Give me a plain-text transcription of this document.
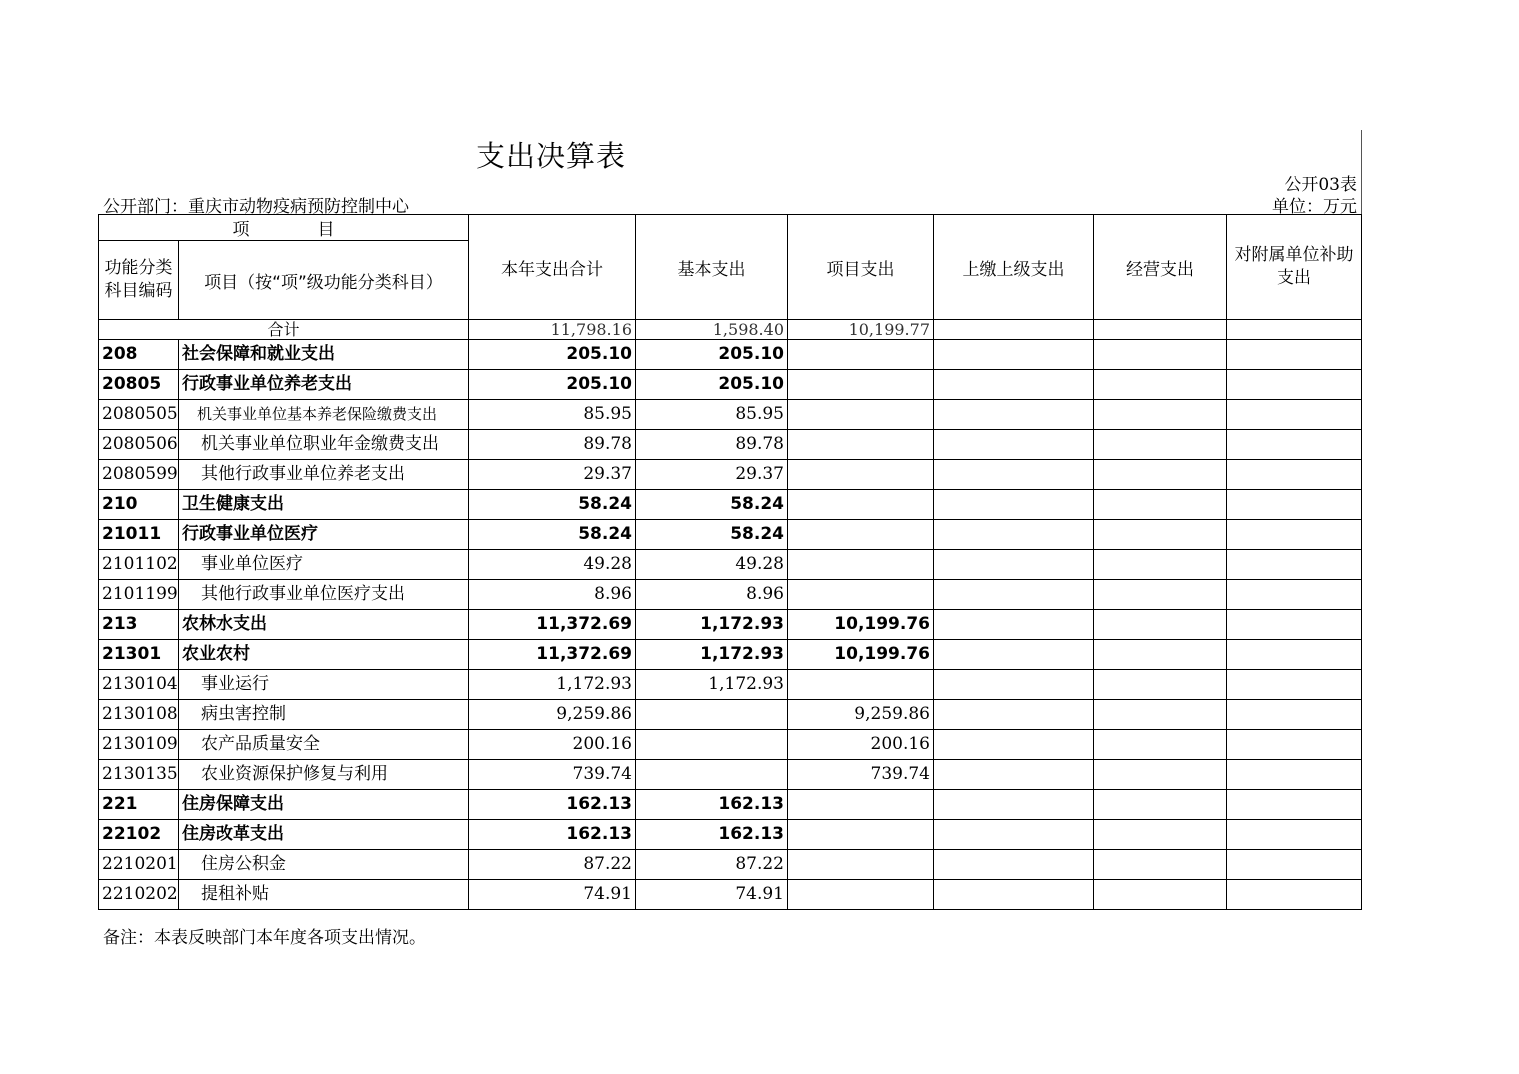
支出决算表
公开03表
公开部门：重庆市动物疫病预防控制中心	单位：万元
项　　　　目		本年支出合计	基本支出	项目支出	上缴上级支出	经营支出	对附属单位补助支出
功能分类科目编码	项目（按“项”级功能分类科目）						
合计		11,798.16	1,598.40	10,199.77			
208	社会保障和就业支出	205.10	205.10				
20805	行政事业单位养老支出	205.10	205.10				
2080505	机关事业单位基本养老保险缴费支出	85.95	85.95				
2080506	机关事业单位职业年金缴费支出	89.78	89.78				
2080599	其他行政事业单位养老支出	29.37	29.37				
210	卫生健康支出	58.24	58.24				
21011	行政事业单位医疗	58.24	58.24				
2101102	事业单位医疗	49.28	49.28				
2101199	其他行政事业单位医疗支出	8.96	8.96				
213	农林水支出	11,372.69	1,172.93	10,199.76			
21301	农业农村	11,372.69	1,172.93	10,199.76			
2130104	事业运行	1,172.93	1,172.93				
2130108	病虫害控制	9,259.86		9,259.86			
2130109	农产品质量安全	200.16		200.16			
2130135	农业资源保护修复与利用	739.74		739.74			
221	住房保障支出	162.13	162.13				
22102	住房改革支出	162.13	162.13				
2210201	住房公积金	87.22	87.22				
2210202	提租补贴	74.91	74.91				
备注：本表反映部门本年度各项支出情况。
